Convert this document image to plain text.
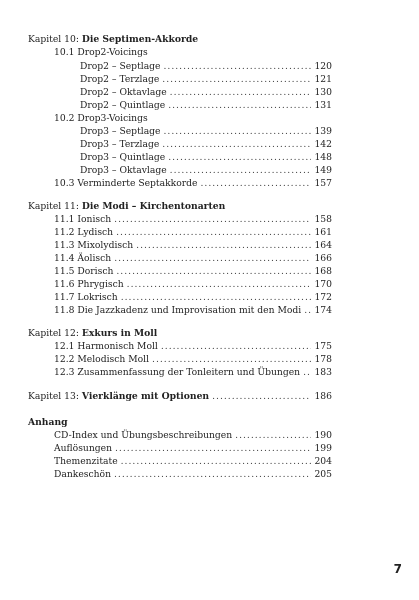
Kapitel 10: Die Septimen-Akkorde
10.1 Drop2-Voicings
Drop2 – Septlage .....	120
Drop2 – Terzlage .....	121
Drop2 – Oktavlage .....	130
Drop2 – Quintlage .....	131
10.2 Drop3-Voicings
Drop3 – Septlage .....	139
Drop3 – Terzlage .....	142
Drop3 – Quintlage .....	148
Drop3 – Oktavlage .....	149
10.3 Verminderte Septakkorde .....	157
Kapitel 11: Die Modi – Kirchentonarten
11.1 Ionisch .....	158
11.2 Lydisch .....	161
11.3 Mixolydisch .....	164
11.4 Äolisch .....	166
11.5 Dorisch .....	168
11.6 Phrygisch .....	170
11.7 Lokrisch .....	172
11.8 Die Jazzkadenz und Improvisation mit den Modi ..... 174
Kapitel 12: Exkurs in Moll
12.1 Harmonisch Moll .....	175
12.2 Melodisch Moll .....	178
12.3 Zusammenfassung der Tonleitern und Übungen ..... 183
Kapitel 13: Vierklänge mit Optionen .....	186
Anhang
CD-Index und Übungsbeschreibungen .....	190
Auflösungen .....	199
Themenzitate .....	204
Dankeschön .....	205
7
